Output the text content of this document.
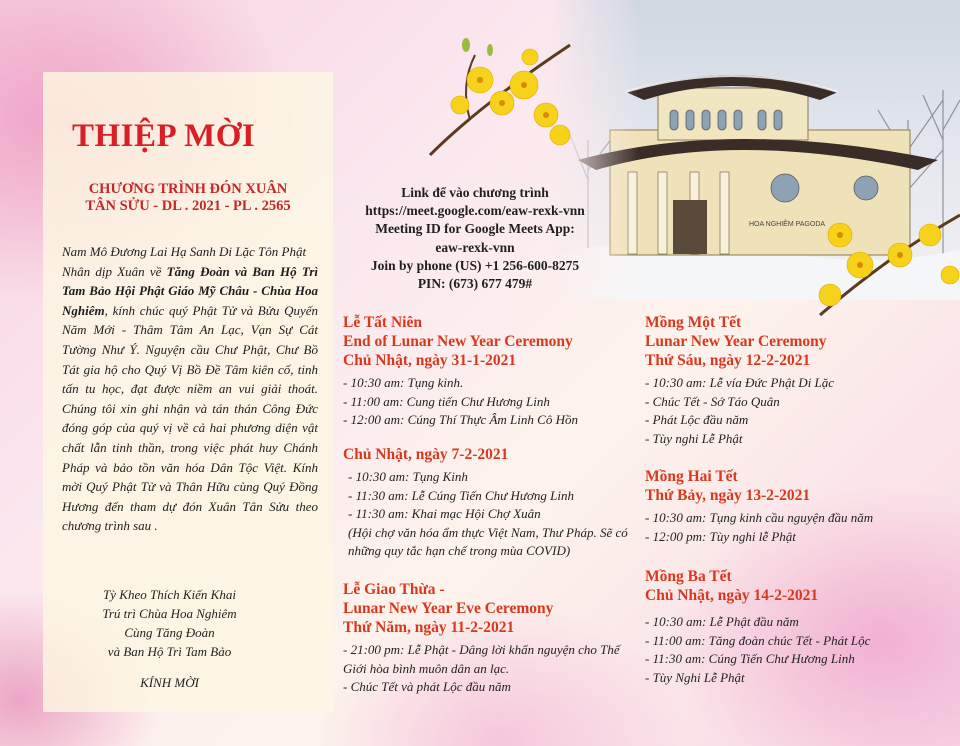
HOA NGHIÊM PAGODA
THIỆP MỜI
CHƯƠNG TRÌNH ĐÓN XUÂN
TÂN SỬU - DL . 2021 - PL . 2565
Nam Mô Đương Lai Hạ Sanh Di Lặc Tôn Phật
Nhân dịp Xuân về Tăng Đoàn và Ban Hộ Trì Tam Bảo Hội Phật Giáo Mỹ Châu - Chùa Hoa Nghiêm, kính chúc quý Phật Tử và Bửu Quyến Năm Mới - Thâm Tâm An Lạc, Vạn Sự Cát Tường Như Ý. Nguyện cầu Chư Phật, Chư Bồ Tát gia hộ cho Quý Vị Bồ Đề Tâm kiên cố, tinh tấn tu học, đạt được niềm an vui giải thoát. Chúng tôi xin ghi nhận và tán thán Công Đức đóng góp của quý vị về cả hai phương diện vật chất lẫn tinh thần, trong việc phát huy Chánh Pháp và bảo tồn văn hóa Dân Tộc Việt. Kính mời Quý Phật Tử và Thân Hữu cùng Quý Đồng Hương đến tham dự đón Xuân Tân Sửu theo chương trình sau .
Tỳ Kheo Thích Kiến Khai
Trú trì Chùa Hoa Nghiêm
Cùng Tăng Đoàn
và Ban Hộ Trì Tam Bảo
KÍNH MỜI
Link để vào chương trình
https://meet.google.com/eaw-rexk-vnn
Meeting ID for Google Meets App:
eaw-rexk-vnn
Join by phone (US) +1 256-600-8275
PIN: (673) 677 479#
Lễ Tất Niên
End of Lunar New Year Ceremony
Chủ Nhật, ngày 31-1-2021
- 10:30 am: Tụng kinh.
- 11:00 am: Cung tiến Chư Hương Linh
- 12:00 am: Cúng Thí Thực Âm Linh Cô Hồn
Chủ Nhật, ngày 7-2-2021
- 10:30 am: Tụng Kinh
- 11:30 am: Lễ Cúng Tiến Chư Hương Linh
- 11:30 am: Khai mạc Hội Chợ Xuân
(Hội chợ văn hóa ẩm thực Việt Nam, Thư Pháp. Sẽ có những quy tắc hạn chế trong mùa COVID)
Lễ Giao Thừa -
Lunar New Year Eve Ceremony
Thứ Năm, ngày 11-2-2021
- 21:00 pm: Lễ Phật - Dâng lời khấn nguyện cho Thế Giới hòa bình muôn dân an lạc.
- Chúc Tết và phát Lộc đầu năm
Mồng Một Tết
Lunar New Year Ceremony
Thứ Sáu, ngày 12-2-2021
- 10:30 am: Lễ vía Đức Phật Di Lặc
- Chúc Tết - Sớ Táo Quân
- Phát Lộc đầu năm
- Tùy nghi Lễ Phật
Mồng Hai Tết
Thứ Bảy, ngày 13-2-2021
- 10:30 am: Tụng kinh cầu nguyện đầu năm
- 12:00 pm: Tùy nghi lễ Phật
Mồng Ba Tết
Chủ Nhật, ngày 14-2-2021
- 10:30 am: Lễ Phật đầu năm
- 11:00 am: Tăng đoàn chúc Tết - Phát Lộc
- 11:30 am: Cúng Tiến Chư Hương Linh
- Tùy Nghi Lễ Phật
